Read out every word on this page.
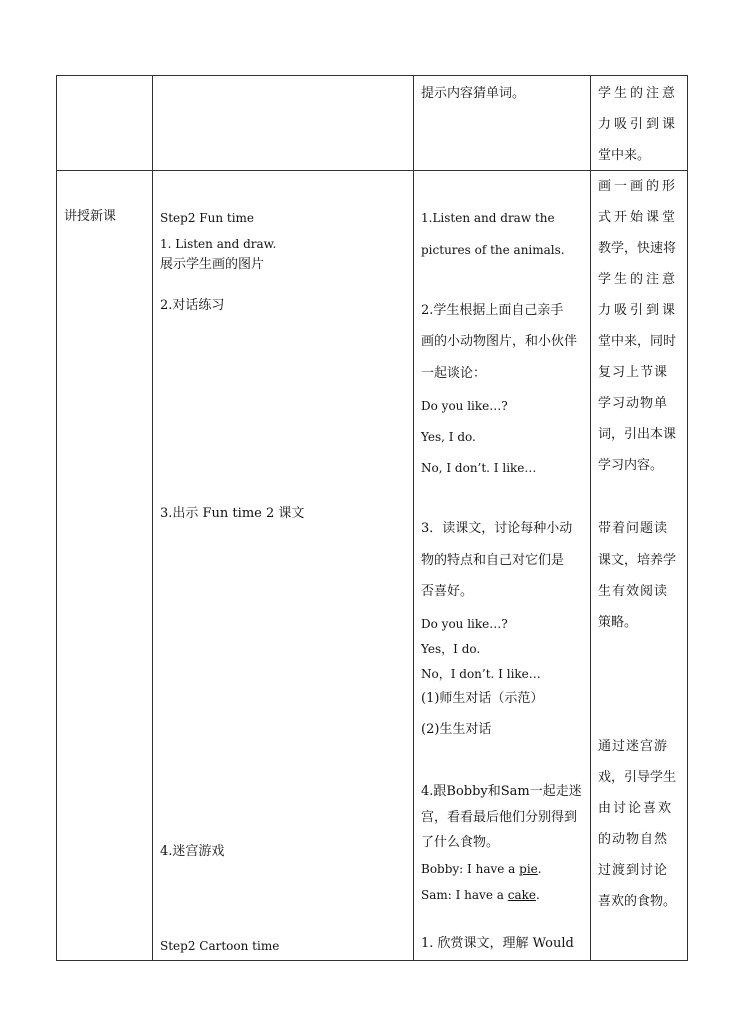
提示内容猜单词。	学生的注意
力吸引到课
堂中来。
讲授新课	Step2 Fun time
1. Listen and draw.
展示学生画的图片
2.对话练习
3.出示 Fun time 2 课文
4.迷宫游戏
Step2 Cartoon time
1.Listen and draw the
pictures of the animals.
2.学生根据上面自己亲手
画的小动物图片，和小伙伴
一起谈论：
Do you like…?
Yes, I do.
No, I don’t. I like…
3．读课文，讨论每种小动
物的特点和自己对它们是
否喜好。
Do you like…?
Yes，I do.
No，I don’t. I like…
(1)师生对话（示范）
(2)生生对话
4.跟Bobby和Sam一起走迷
宫，看看最后他们分别得到
了什么食物。
Bobby: I have a pie.
Sam: I have a cake.
1. 欣赏课文，理解 Would
画一画的形
式开始课堂
教学，快速将
学生的注意
力吸引到课
堂中来，同时
复习上节课
学习动物单
词，引出本课
学习内容。
带着问题读
课文，培养学
生有效阅读
策略。
通过迷宫游
戏，引导学生
由讨论喜欢
的动物自然
过渡到讨论
喜欢的食物。
